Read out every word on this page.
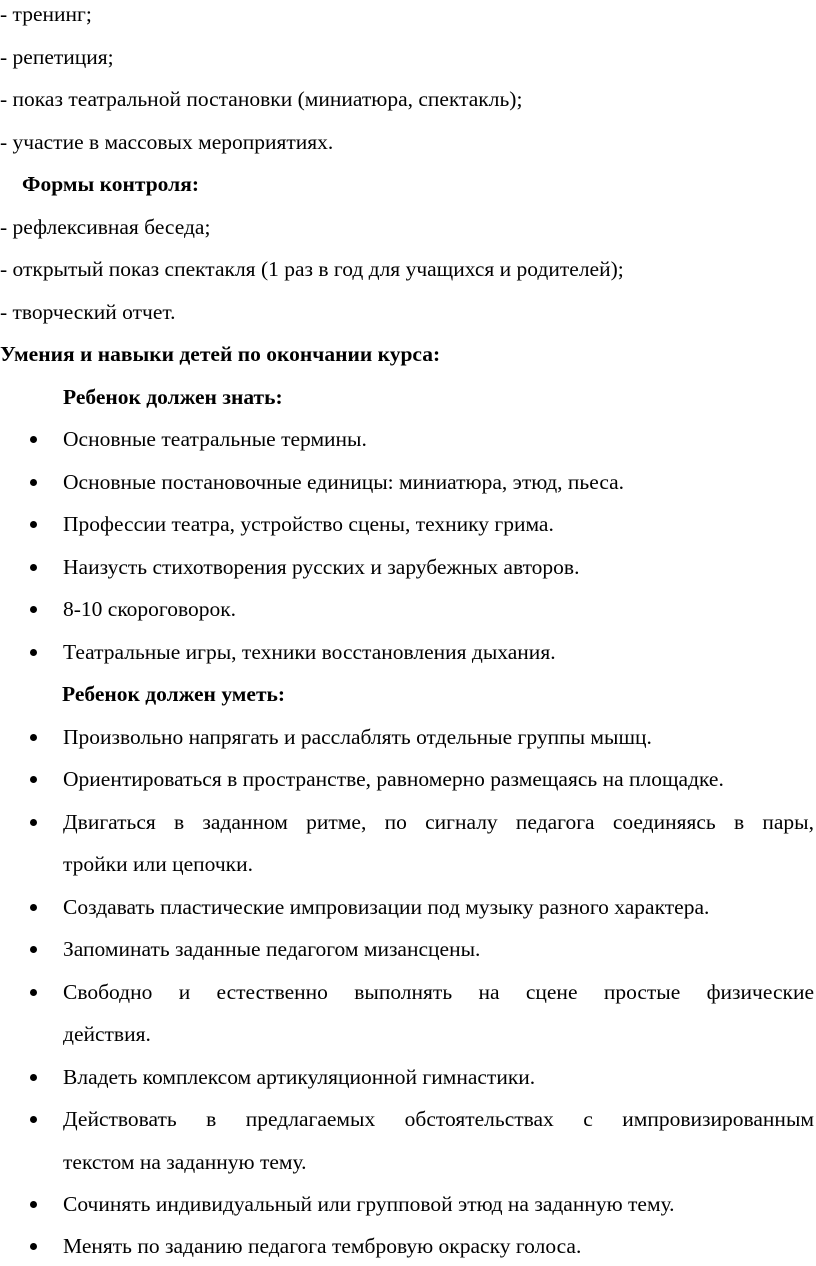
- тренинг;
- репетиция;
- показ театральной постановки (миниатюра, спектакль);
- участие в массовых мероприятиях.
Формы контроля:
- рефлексивная беседа;
- открытый показ спектакля (1 раз в год для учащихся и родителей);
- творческий отчет.
Умения и навыки детей по окончании курса:
Ребенок должен знать:
Основные театральные термины.
Основные постановочные единицы: миниатюра, этюд, пьеса.
Профессии театра, устройство сцены, технику грима.
Наизусть стихотворения русских и зарубежных авторов.
8-10 скороговорок.
Театральные игры, техники восстановления дыхания.
Ребенок должен уметь:
Произвольно напрягать и расслаблять отдельные группы мышц.
Ориентироваться в пространстве, равномерно размещаясь на площадке.
Двигаться в заданном ритме, по сигналу педагога соединяясь в пары,
тройки или цепочки.
Создавать пластические импровизации под музыку разного характера.
Запоминать заданные педагогом мизансцены.
Свободно и естественно выполнять на сцене простые физические
действия.
Владеть комплексом артикуляционной гимнастики.
Действовать в предлагаемых обстоятельствах с импровизированным
текстом на заданную тему.
Сочинять индивидуальный или групповой этюд на заданную тему.
Менять по заданию педагога тембровую окраску голоса.
